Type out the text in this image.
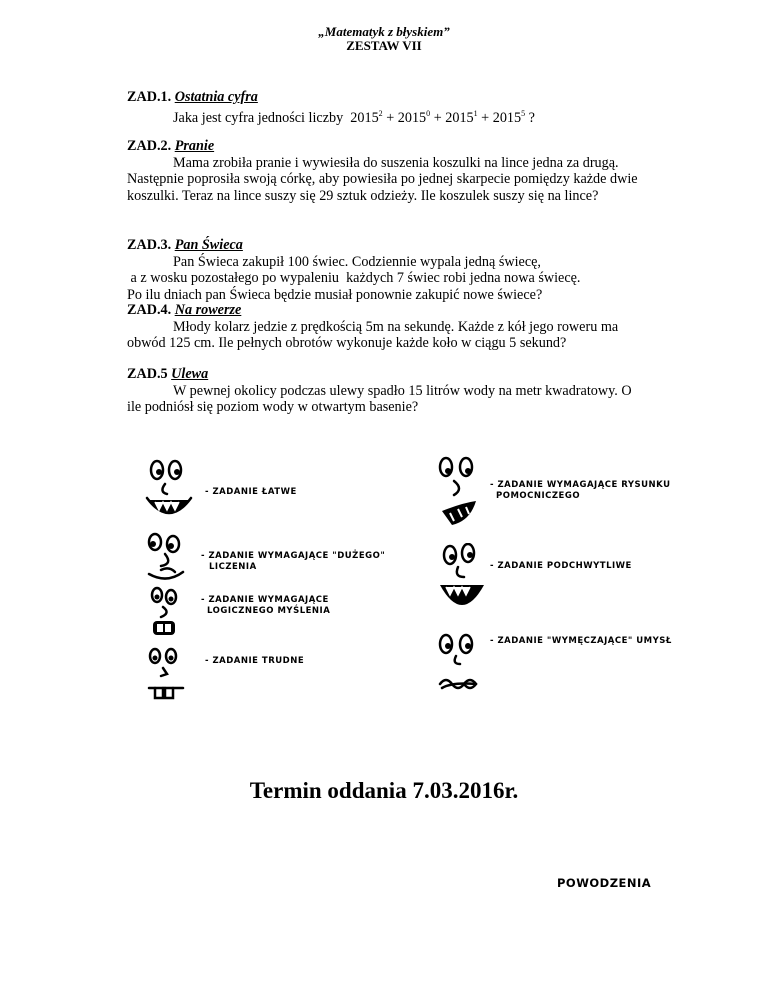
„Matematyk z błyskiem”
ZESTAW VII

ZAD.1. Ostatnia cyfra

Jaka jest cyfra jedności liczby $2015^2 + 2015^0 + 2015^1 + 2015^5$ ?

ZAD.2. Pranie

Mama zrobiła pranie i wywiesiła do suszenia koszulki na lince jedna za drugą. Następnie poprosiła swoją córkę, aby powiesiła po jednej skarpecie pomiędzy każde dwie koszulki. Teraz na lince suszy się 29 sztuk odzieży. Ile koszulek suszy się na lince?

ZAD.3. Pan Świeca

Pan Świeca zakupił 100 świec. Codziennie wypala jedną świecę,

a z wosku pozostałego po wypaleniu  każdych 7 świec robi jedna nowa świecę.

Po ilu dniach pan Świeca będzie musiał ponownie zakupić nowe świece?

ZAD.4. Na rowerze

Młody kolarz jedzie z prędkością 5m na sekundę. Każde z kół jego roweru ma obwód 125 cm. Ile pełnych obrotów wykonuje każde koło w ciągu 5 sekund?

ZAD.5 Ulewa

W pewnej okolicy podczas ulewy spadło 15 litrów wody na metr kwadratowy. O ile podniósł się poziom wody w otwartym basenie?

- ZADANIE ŁATWE
- ZADANIE WYMAGAJĄCE "DUŻEGO"
LICZENIA
- ZADANIE WYMAGAJĄCE
LOGICZNEGO MYŚLENIA
- ZADANIE TRUDNE
- ZADANIE WYMAGAJĄCE RYSUNKU
POMOCNICZEGO
- ZADANIE PODCHWYTLIWE
- ZADANIE "WYMĘCZAJĄCE" UMYSŁ
Termin oddania 7.03.2016r.
POWODZENIA
